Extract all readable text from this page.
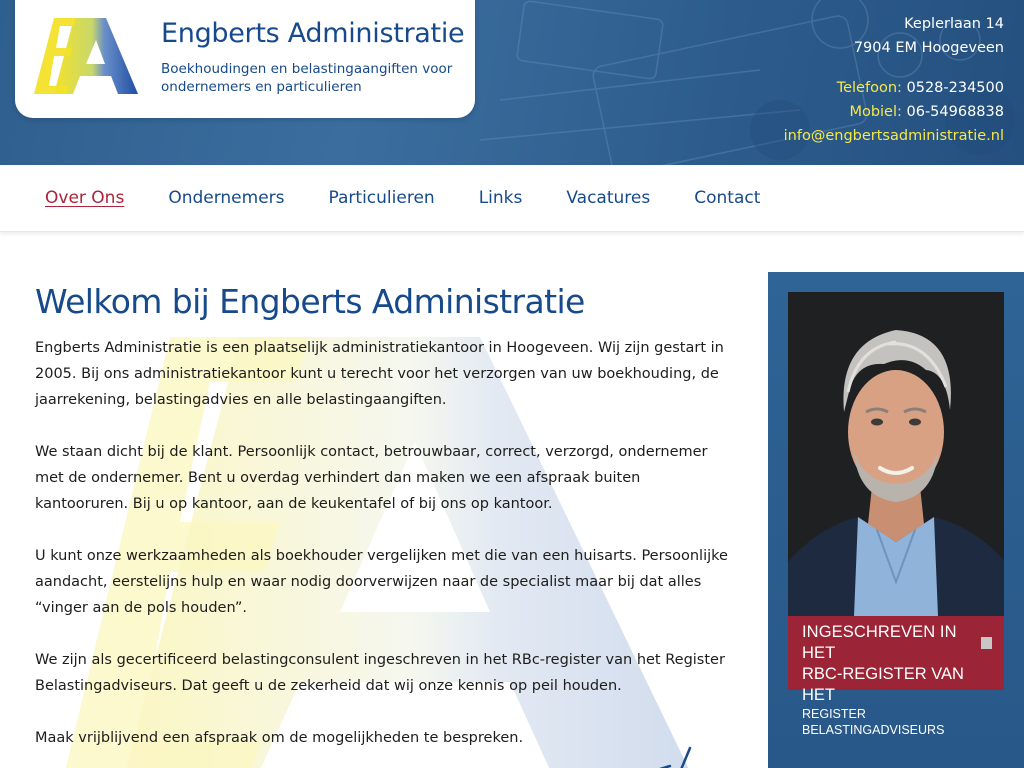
Engberts Administratie
Boekhoudingen en belastingaangiften voor ondernemers en particulieren
Keplerlaan 14
7904 EM Hoogeveen
Telefoon: 0528-234500
Mobiel: 06-54968838
info@engbertsadministratie.nl
Over Ons	Ondernemers	Particulieren	Links	Vacatures	Contact
Welkom bij Engberts Administratie

Engberts Administratie is een plaatselijk administratiekantoor in Hoogeveen. Wij zijn gestart in 2005. Bij ons administratiekantoor kunt u terecht voor het verzorgen van uw boekhouding, de jaarrekening, belastingadvies en alle belastingaangiften.

We staan dicht bij de klant. Persoonlijk contact, betrouwbaar, correct, verzorgd, ondernemer met de ondernemer. Bent u overdag verhindert dan maken we een afspraak buiten kantooruren. Bij u op kantoor, aan de keukentafel of bij ons op kantoor.

U kunt onze werkzaamheden als boekhouder vergelijken met die van een huisarts. Persoonlijke aandacht, eerstelijns hulp en waar nodig doorverwijzen naar de specialist maar bij dat alles “vinger aan de pols houden”.

We zijn als gecertificeerd belastingconsulent ingeschreven in het RBc-register van het Register Belastingadviseurs. Dat geeft u de zekerheid dat wij onze kennis op peil houden.

Maak vrijblijvend een afspraak om de mogelijkheden te bespreken.

INGESCHREVEN IN HET
RBC-REGISTER VAN HET
REGISTER BELASTINGADVISEURS
